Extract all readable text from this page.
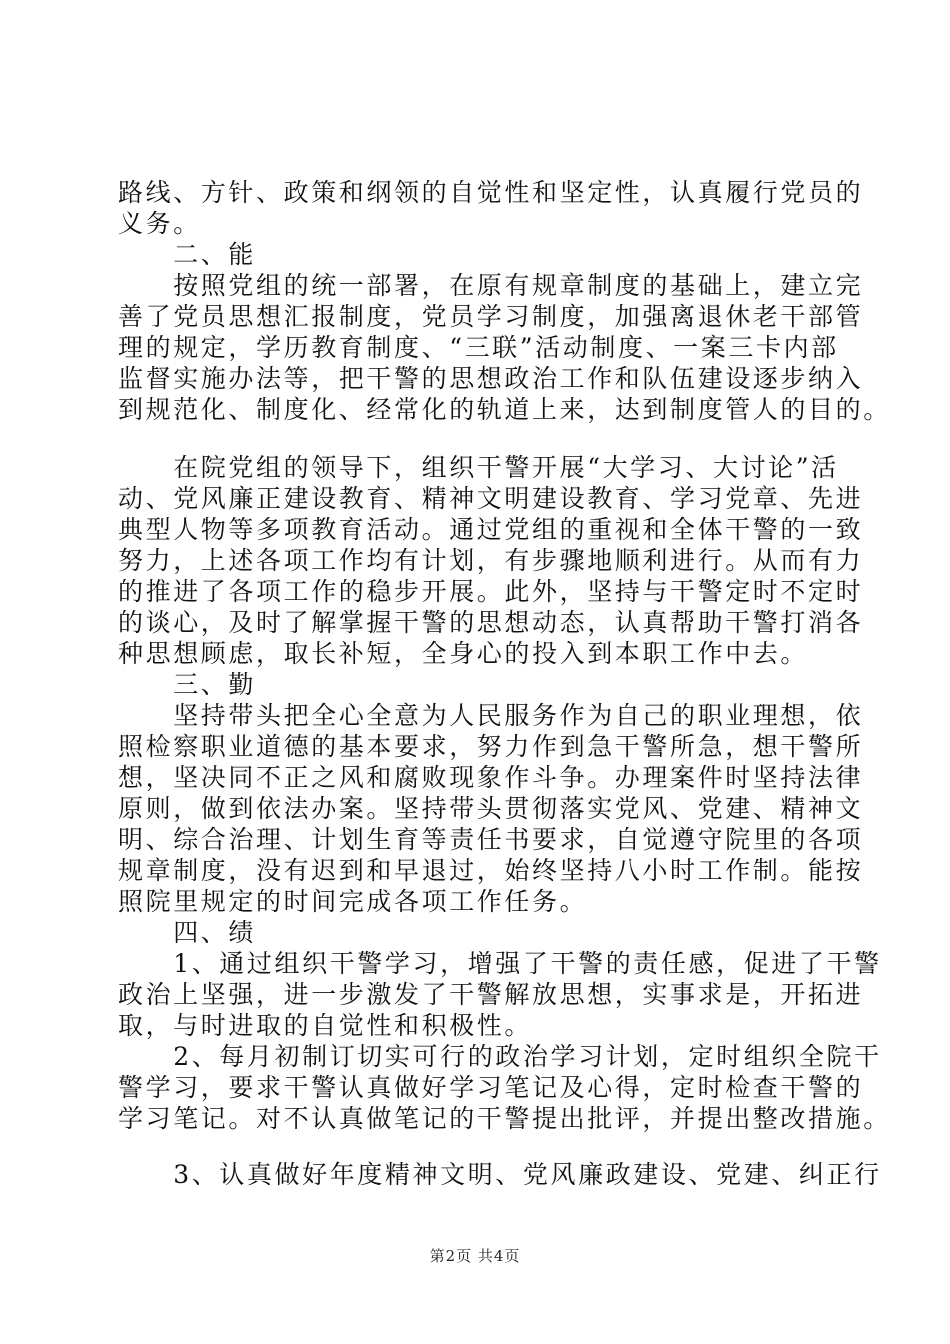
路线、方针、政策和纲领的自觉性和坚定性，认真履行党员的
义务。
　　二、能
　　按照党组的统一部署，在原有规章制度的基础上，建立完
善了党员思想汇报制度，党员学习制度，加强离退休老干部管
理的规定，学历教育制度、“三联”活动制度、一案三卡内部
监督实施办法等，把干警的思想政治工作和队伍建设逐步纳入
到规范化、制度化、经常化的轨道上来，达到制度管人的目的。
　　在院党组的领导下，组织干警开展“大学习、大讨论”活
动、党风廉正建设教育、精神文明建设教育、学习党章、先进
典型人物等多项教育活动。通过党组的重视和全体干警的一致
努力，上述各项工作均有计划，有步骤地顺利进行。从而有力
的推进了各项工作的稳步开展。此外，坚持与干警定时不定时
的谈心，及时了解掌握干警的思想动态，认真帮助干警打消各
种思想顾虑，取长补短，全身心的投入到本职工作中去。
　　三、勤
　　坚持带头把全心全意为人民服务作为自己的职业理想，依
照检察职业道德的基本要求，努力作到急干警所急，想干警所
想，坚决同不正之风和腐败现象作斗争。办理案件时坚持法律
原则，做到依法办案。坚持带头贯彻落实党风、党建、精神文
明、综合治理、计划生育等责任书要求，自觉遵守院里的各项
规章制度，没有迟到和早退过，始终坚持八小时工作制。能按
照院里规定的时间完成各项工作任务。
　　四、绩
　　1、通过组织干警学习，增强了干警的责任感，促进了干警
政治上坚强，进一步激发了干警解放思想，实事求是，开拓进
取，与时进取的自觉性和积极性。
　　2、每月初制订切实可行的政治学习计划，定时组织全院干
警学习，要求干警认真做好学习笔记及心得，定时检查干警的
学习笔记。对不认真做笔记的干警提出批评，并提出整改措施。
　　3、认真做好年度精神文明、党风廉政建设、党建、纠正行
第2页 共4页
